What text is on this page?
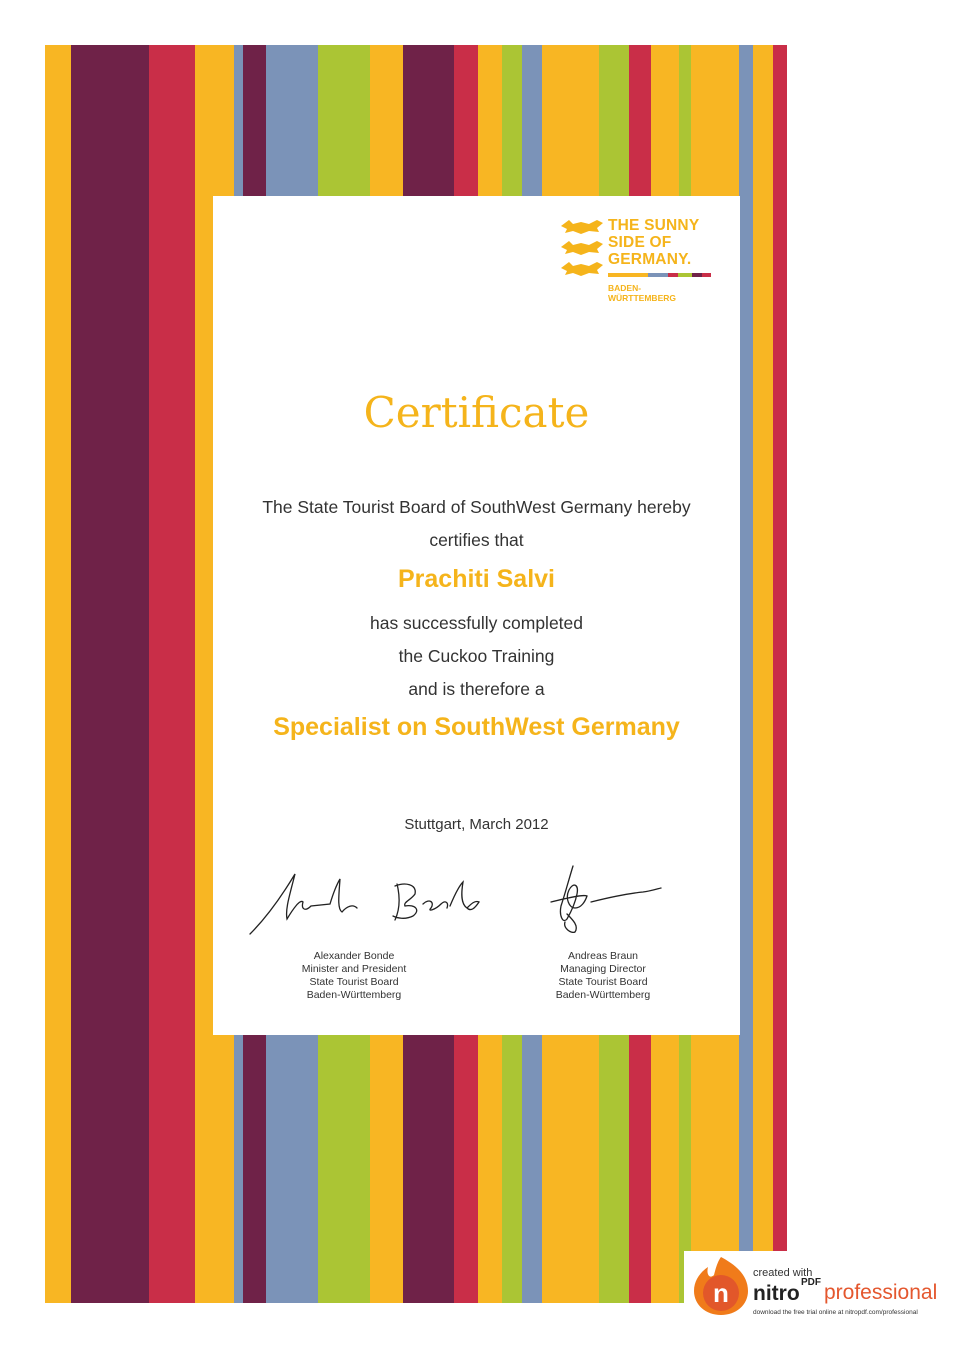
THE SUNNY
SIDE OF
GERMANY.
BADEN-
WÜRTTEMBERG
Certificate
The State Tourist Board of SouthWest Germany hereby
certifies that
Prachiti Salvi
has successfully completed
the Cuckoo Training
and is therefore a
Specialist on SouthWest Germany
Stuttgart, March 2012
Alexander Bonde
Minister and President
State Tourist Board
Baden-Württemberg
Andreas Braun
Managing Director
State Tourist Board
Baden-Württemberg
n
created with
nitro PDF professional
download the free trial online at nitropdf.com/professional
